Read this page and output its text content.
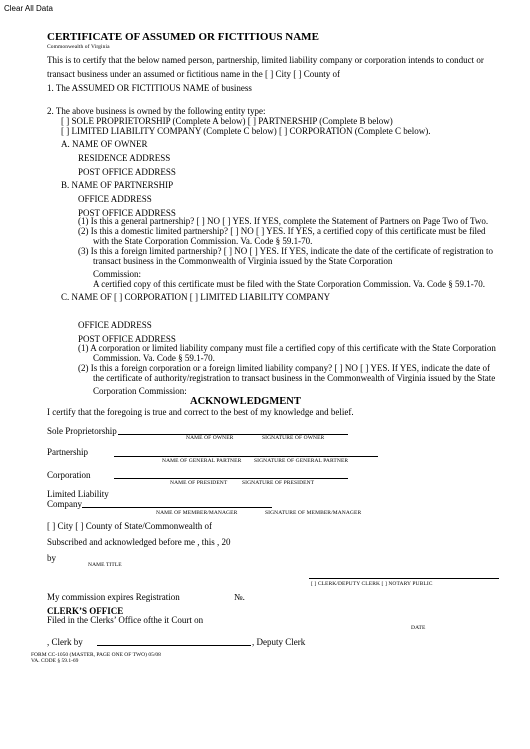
Clear All Data
CERTIFICATE OF ASSUMED OR FICTITIOUS NAME
Commonwealth of Virginia
This is to certify that the below named person, partnership, limited liability company or corporation intends to conduct or
transact business under an assumed or fictitious name in the [ ] City [ ] County of
1. The ASSUMED OR FICTITIOUS NAME of business
2. The above business is owned by the following entity type:
[ ] SOLE PROPRIETORSHIP (Complete A below) [ ] PARTNERSHIP (Complete B below)
[ ] LIMITED LIABILITY COMPANY (Complete C below) [ ] CORPORATION (Complete C below).
A. NAME OF OWNER
RESIDENCE ADDRESS
POST OFFICE ADDRESS
B. NAME OF PARTNERSHIP
OFFICE ADDRESS
POST OFFICE ADDRESS
(1) Is this a general partnership? [ ] NO [ ] YES. If YES, complete the Statement of Partners on Page Two of Two.
(2) Is this a domestic limited partnership? [ ] NO [ ] YES. If YES, a certified copy of this certificate must be filed
with the State Corporation Commission. Va. Code § 59.1-70.
(3) Is this a foreign limited partnership? [ ] NO [ ] YES. If YES, indicate the date of the certificate of registration to
transact business in the Commonwealth of Virginia issued by the State Corporation
Commission:
A certified copy of this certificate must be filed with the State Corporation Commission. Va. Code § 59.1-70.
C. NAME OF [ ] CORPORATION [ ] LIMITED LIABILITY COMPANY
OFFICE ADDRESS
POST OFFICE ADDRESS
(1) A corporation or limited liability company must file a certified copy of this certificate with the State Corporation
Commission. Va. Code § 59.1-70.
(2) Is this a foreign corporation or a foreign limited liability company? [ ] NO [ ] YES. If YES, indicate the date of
the certificate of authority/registration to transact business in the Commonwealth of Virginia issued by the State
Corporation Commission:
ACKNOWLEDGMENT
I certify that the foregoing is true and correct to the best of my knowledge and belief.
Sole Proprietorship
NAME OF OWNER	SIGNATURE OF OWNER
Partnership
NAME OF GENERAL PARTNER SIGNATURE OF GENERAL PARTNER
Corporation
NAME OF PRESIDENT	SIGNATURE OF PRESIDENT
Limited Liability
Company
NAME OF MEMBER/MANAGER	SIGNATURE OF MEMBER/MANAGER
[ ] City [ ] County of State/Commonwealth of
Subscribed and acknowledged before me , this , 20
by
NAME TITLE
[ ] CLERK/DEPUTY CLERK [ ] NOTARY PUBLIC
My commission expires Registration	№.
CLERK’S OFFICE
Filed in the Clerks’ Office ofthe it Court on
DATE
, Clerk by	, Deputy Clerk
FORM CC-1050 (MASTER, PAGE ONE OF TWO) 05/08
VA. CODE § 59.1-69
